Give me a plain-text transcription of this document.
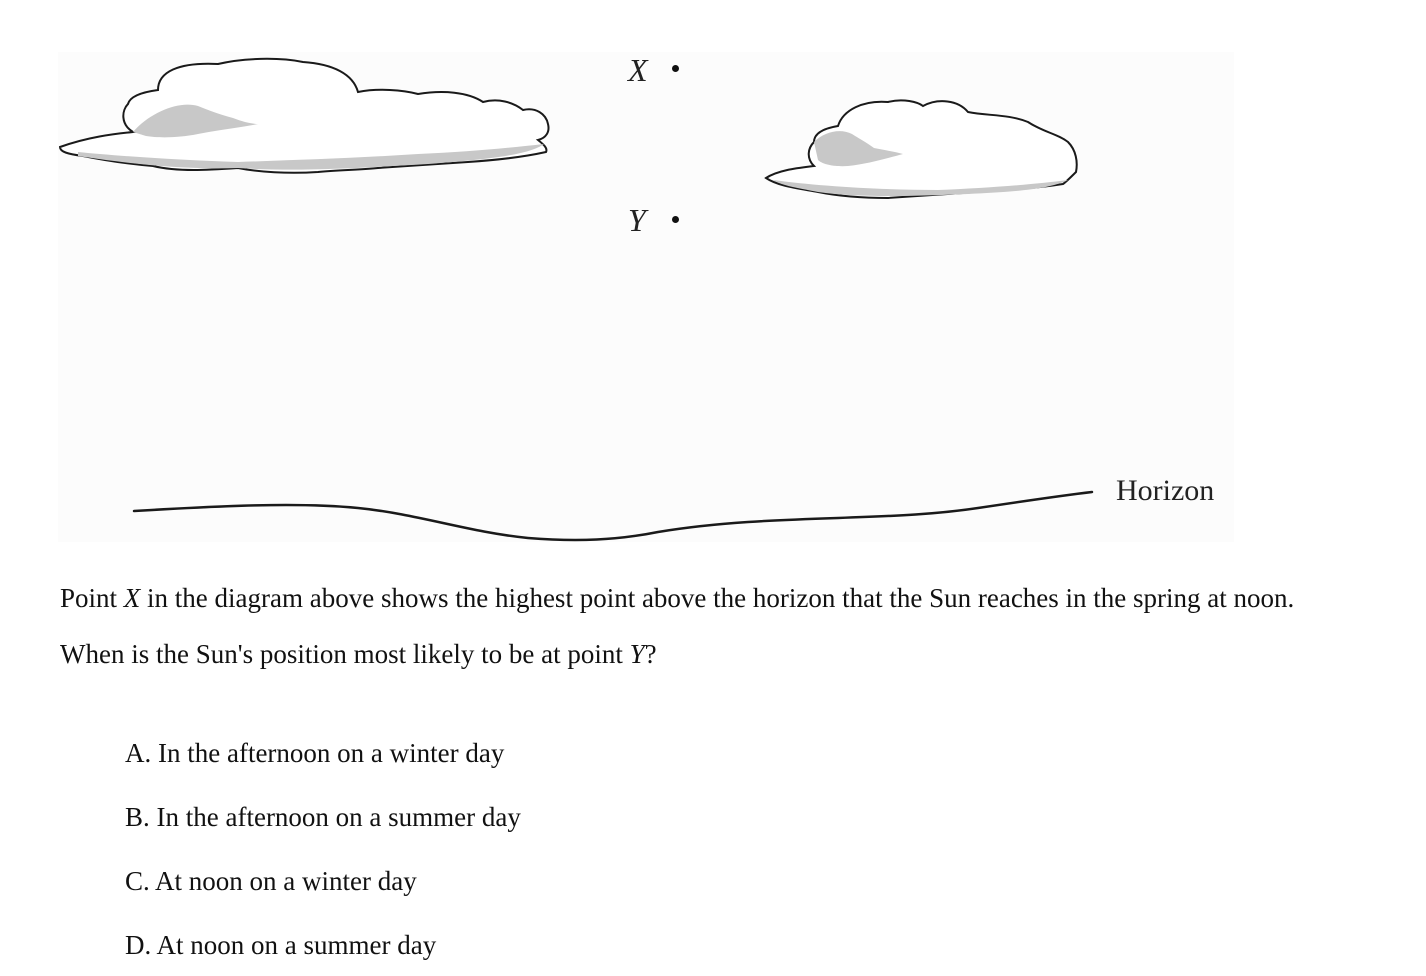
X
Y
Horizon
Point X in the diagram above shows the highest point above the horizon that the Sun reaches in the spring at noon.
When is the Sun's position most likely to be at point Y?
A. In the afternoon on a winter day
B. In the afternoon on a summer day
C. At noon on a winter day
D. At noon on a summer day
